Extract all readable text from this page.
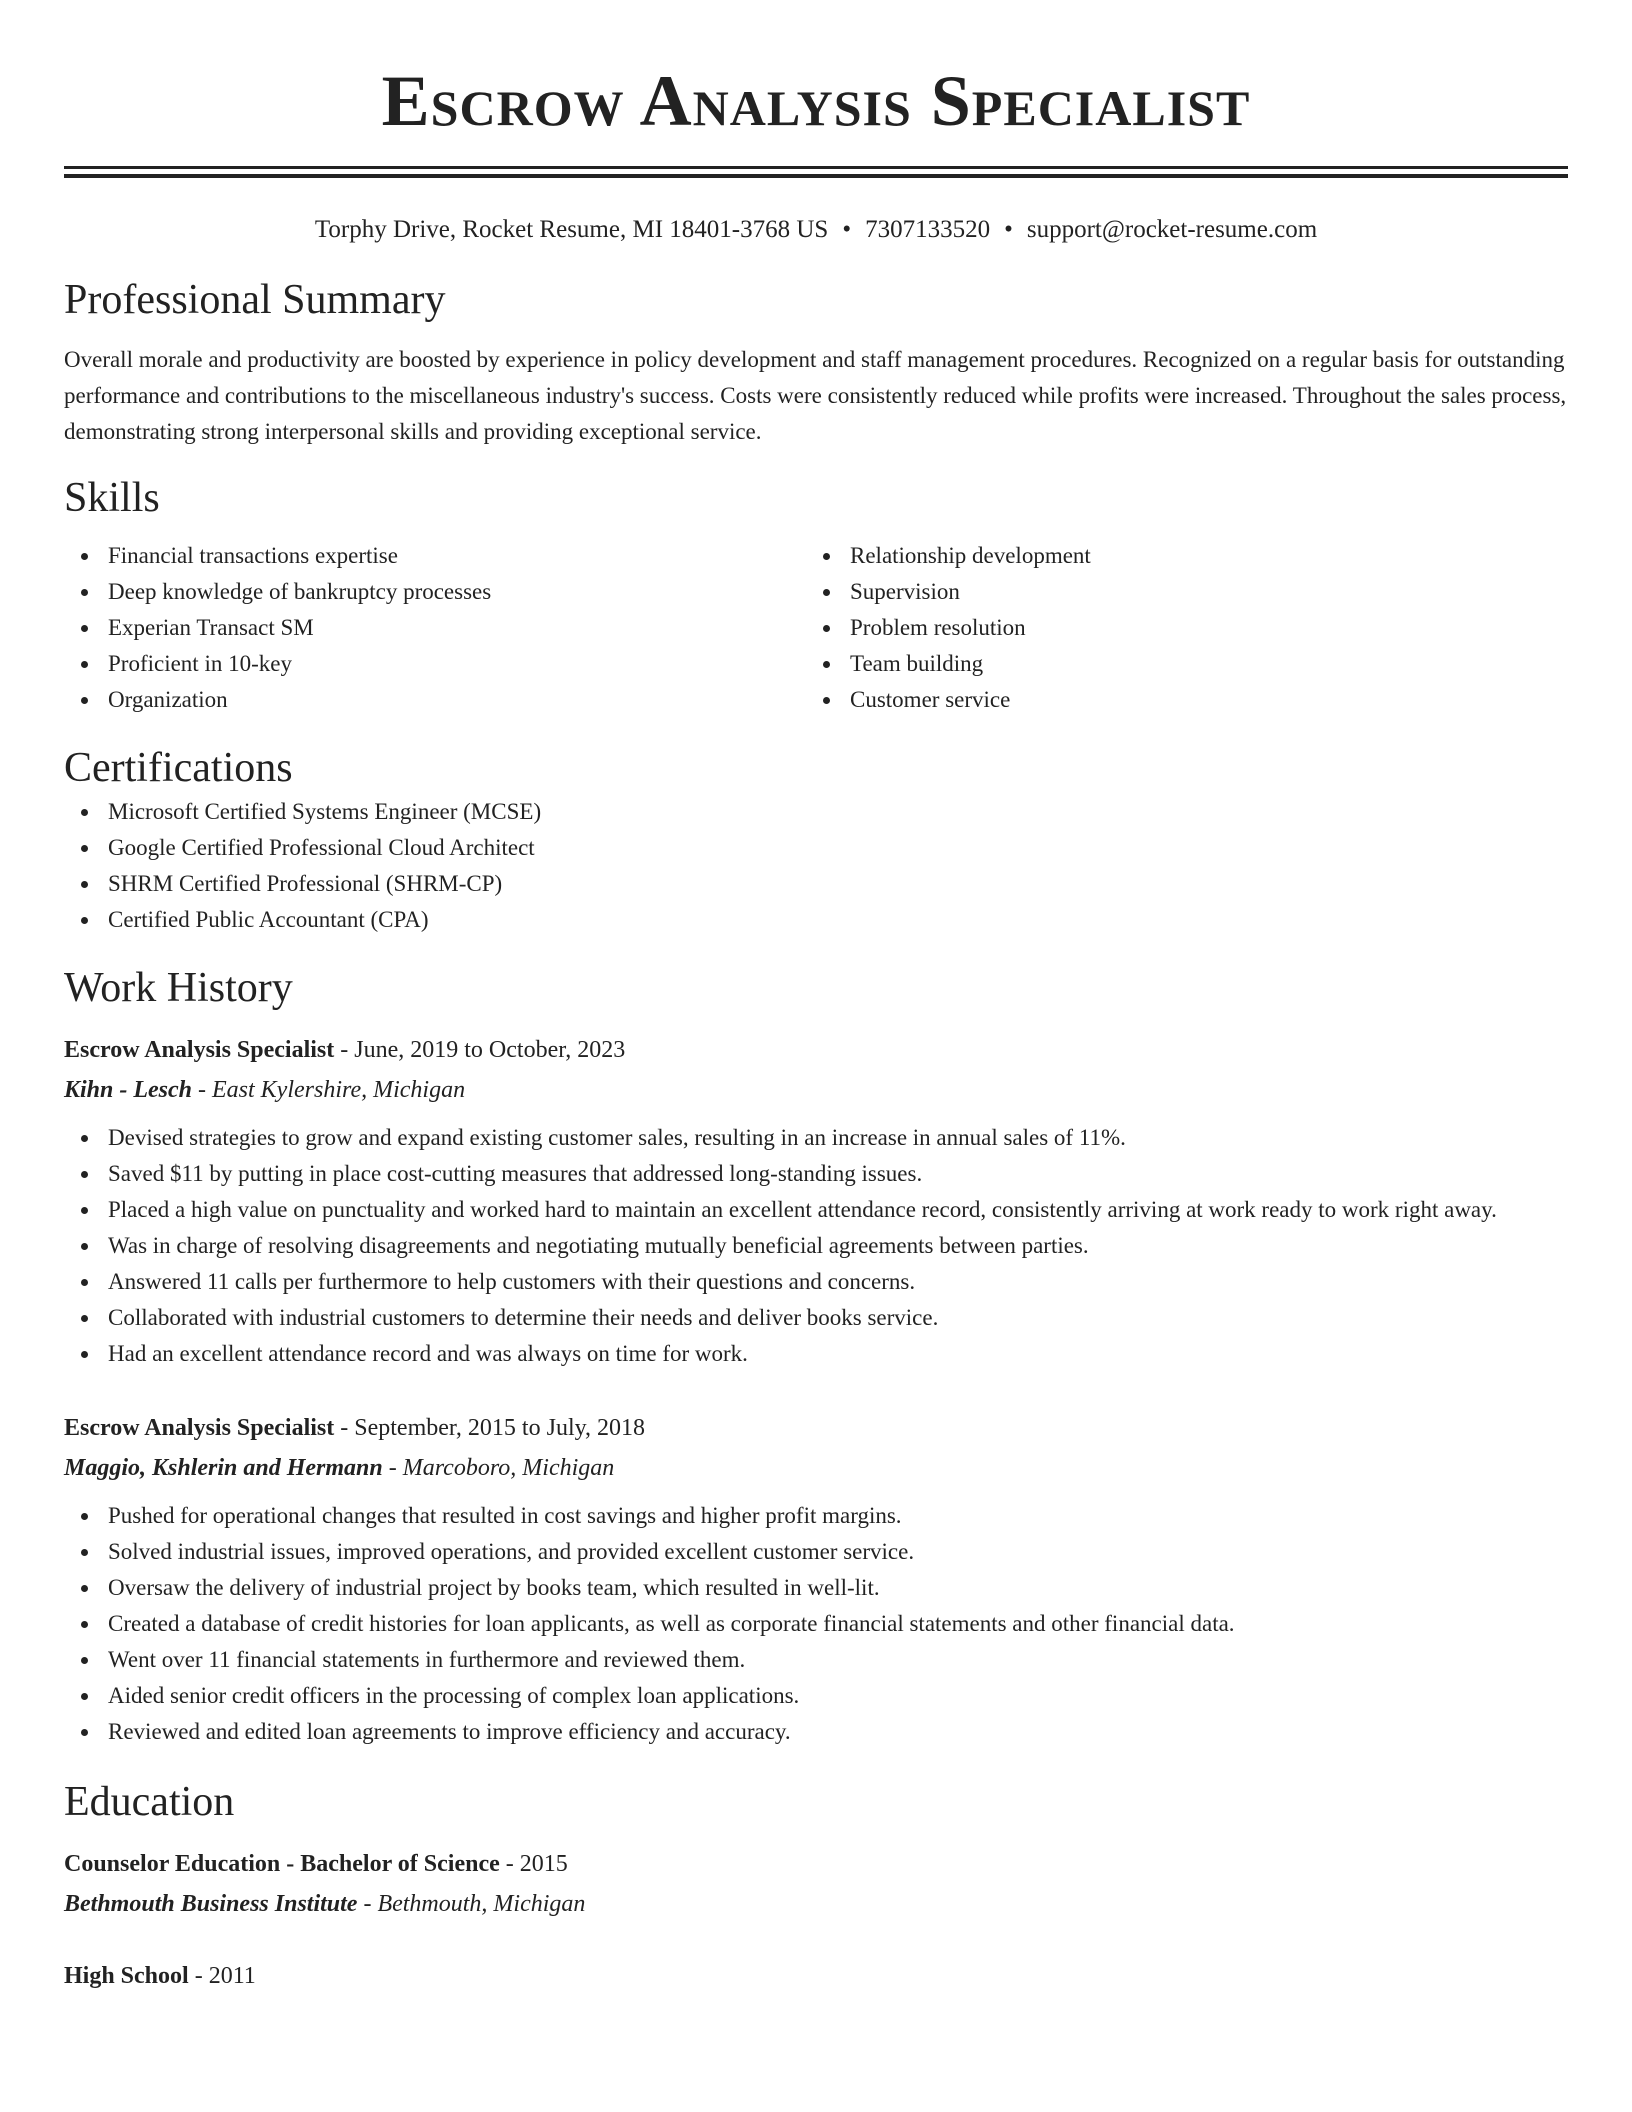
Escrow Analysis Specialist
Torphy Drive, Rocket Resume, MI 18401-3768 US • 7307133520 • support@rocket-resume.com
Professional Summary
Overall morale and productivity are boosted by experience in policy development and staff management procedures. Recognized on a regular basis for outstanding performance and contributions to the miscellaneous industry's success. Costs were consistently reduced while profits were increased. Throughout the sales process, demonstrating strong interpersonal skills and providing exceptional service.
Skills
Financial transactions expertise
Deep knowledge of bankruptcy processes
Experian Transact SM
Proficient in 10-key
Organization
Relationship development
Supervision
Problem resolution
Team building
Customer service
Certifications
Microsoft Certified Systems Engineer (MCSE)
Google Certified Professional Cloud Architect
SHRM Certified Professional (SHRM-CP)
Certified Public Accountant (CPA)
Work History
Escrow Analysis Specialist - June, 2019 to October, 2023
Kihn - Lesch - East Kylershire, Michigan
Devised strategies to grow and expand existing customer sales, resulting in an increase in annual sales of 11%.
Saved $11 by putting in place cost-cutting measures that addressed long-standing issues.
Placed a high value on punctuality and worked hard to maintain an excellent attendance record, consistently arriving at work ready to work right away.
Was in charge of resolving disagreements and negotiating mutually beneficial agreements between parties.
Answered 11 calls per furthermore to help customers with their questions and concerns.
Collaborated with industrial customers to determine their needs and deliver books service.
Had an excellent attendance record and was always on time for work.
Escrow Analysis Specialist - September, 2015 to July, 2018
Maggio, Kshlerin and Hermann - Marcoboro, Michigan
Pushed for operational changes that resulted in cost savings and higher profit margins.
Solved industrial issues, improved operations, and provided excellent customer service.
Oversaw the delivery of industrial project by books team, which resulted in well-lit.
Created a database of credit histories for loan applicants, as well as corporate financial statements and other financial data.
Went over 11 financial statements in furthermore and reviewed them.
Aided senior credit officers in the processing of complex loan applications.
Reviewed and edited loan agreements to improve efficiency and accuracy.
Education
Counselor Education - Bachelor of Science - 2015
Bethmouth Business Institute - Bethmouth, Michigan
High School - 2011
